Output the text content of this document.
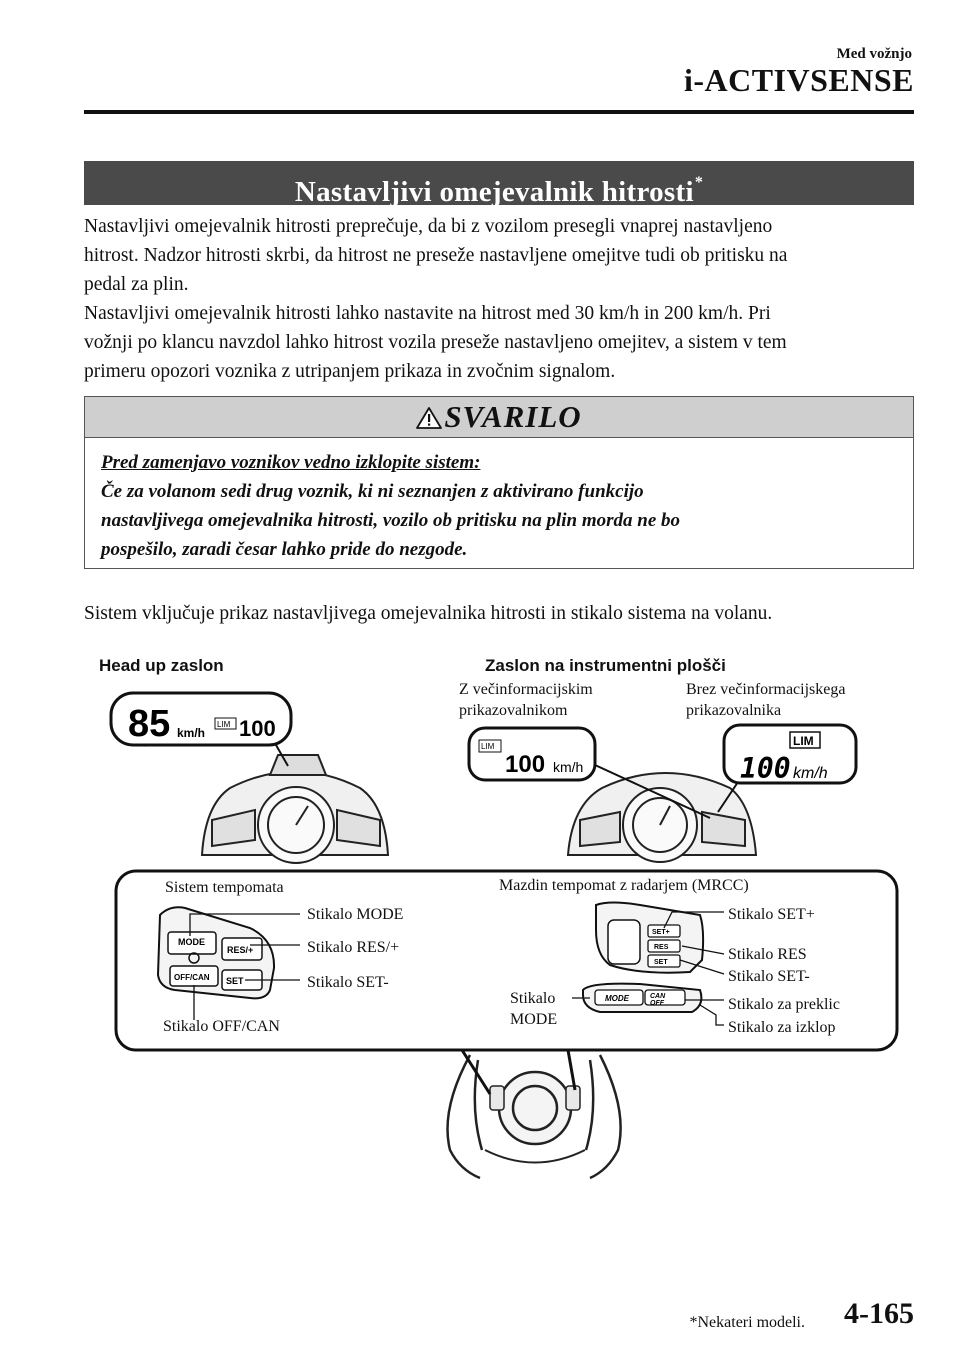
Med vožnjo
i-ACTIVSENSE
Nastavljivi omejevalnik hitrosti*

Nastavljivi omejevalnik hitrosti preprečuje, da bi z vozilom presegli vnaprej nastavljeno

hitrost. Nadzor hitrosti skrbi, da hitrost ne preseže nastavljene omejitve tudi ob pritisku na

pedal za plin.

Nastavljivi omejevalnik hitrosti lahko nastavite na hitrost med 30 km/h in 200 km/h. Pri

vožnji po klancu navzdol lahko hitrost vozila preseže nastavljeno omejitev, a sistem v tem

primeru opozori voznika z utripanjem prikaza in zvočnim signalom.

SVARILO

Pred zamenjavo voznikov vedno izklopite sistem:

Če za volanom sedi drug voznik, ki ni seznanjen z aktivirano funkcijo

nastavljivega omejevalnika hitrosti, vozilo ob pritisku na plin morda ne bo

pospešilo, zaradi česar lahko pride do nezgode.

Sistem vključuje prikaz nastavljivega omejevalnika hitrosti in stikalo sistema na volanu.
Head up zaslon	Zaslon na instrumentni plošči
Z večinformacijskim
prikazovalnikom
Brez večinformacijskega
prikazovalnika
85 km/h
LIM 100
LIM
100 km/h
LIM
100 km/h
MODE
RES/+
OFF/CAN SET
SET+
RES
SET
MODE	CAN
OFF
Sistem tempomata	Mazdin tempomat z radarjem (MRCC)
Stikalo MODE
Stikalo RES/+
Stikalo SET-
Stikalo OFF/CAN
Stikalo SET+
Stikalo RES
Stikalo SET-
Stikalo za preklic
Stikalo za izklop
Stikalo
MODE
*Nekateri modeli. 4-165
